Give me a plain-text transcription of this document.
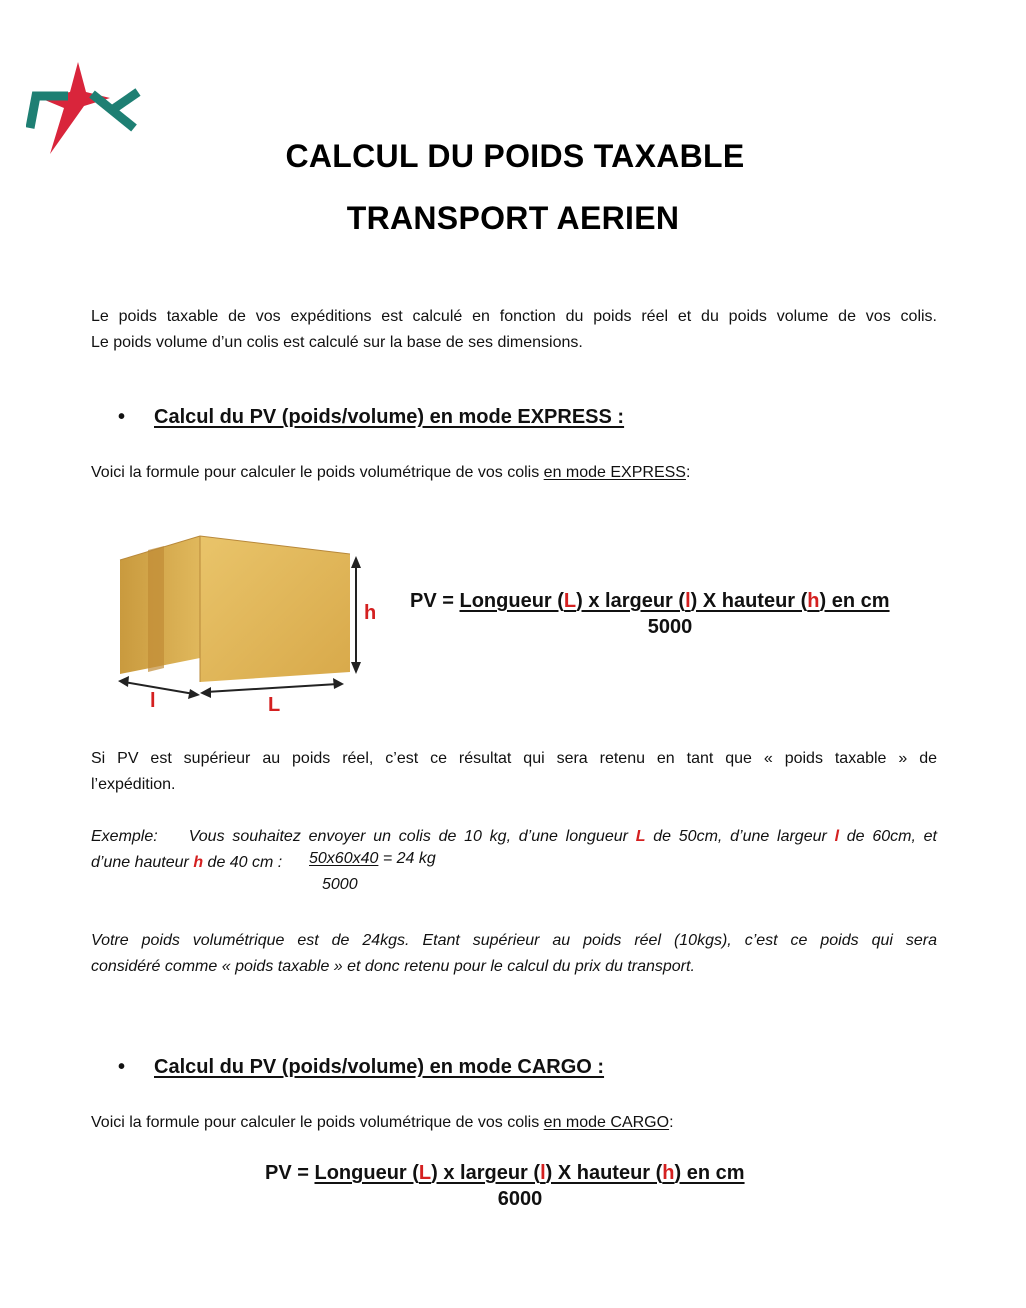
CALCUL DU POIDS TAXABLE
TRANSPORT AERIEN
Le poids taxable de vos expéditions est calculé en fonction du poids réel et du poids volume de vos colis.
Le poids volume d’un colis est calculé sur la base de ses dimensions.
• Calcul du PV (poids/volume) en mode EXPRESS :
Voici la formule pour calculer le poids volumétrique de vos colis en mode EXPRESS:
h
l	L
PV = Longueur (L) x largeur (l) X hauteur (h) en cm
5000
Si PV est supérieur au poids réel, c’est ce résultat qui sera retenu en tant que « poids taxable » de
l’expédition.
Exemple:    Vous souhaitez envoyer un colis de 10 kg, d’une longueur L de 50cm, d’une largeur l de 60cm, et
d’une hauteur h de 40 cm :	50x60x40 = 24 kg
5000
Votre poids volumétrique est de 24kgs. Etant supérieur au poids réel (10kgs), c’est ce poids qui sera
considéré comme « poids taxable » et donc retenu pour le calcul du prix du transport.
• Calcul du PV (poids/volume) en mode CARGO :
Voici la formule pour calculer le poids volumétrique de vos colis en mode CARGO:
PV = Longueur (L) x largeur (l) X hauteur (h) en cm
6000
